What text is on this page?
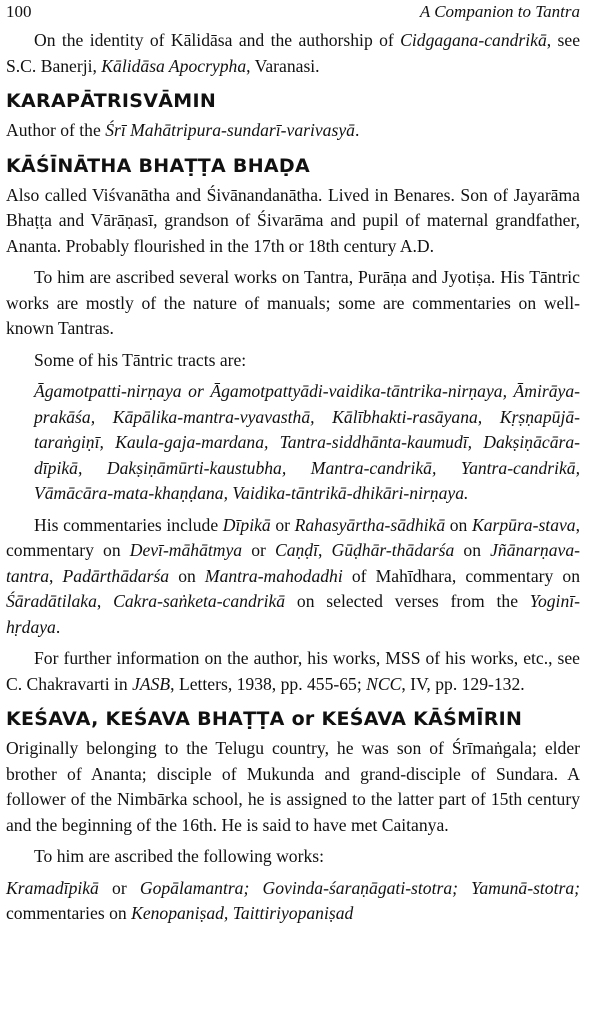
100	A Companion to Tantra

On the identity of Kālidāsa and the authorship of Cidgagana-candrikā, see S.C. Banerji, Kālidāsa Apocrypha, Varanasi.

KARAPĀTRISVĀMIN

Author of the Śrī Mahātripura-sundarī-varivasyā.

KĀŚĪNĀTHA BHAṬṬA BHAḌA

Also called Viśvanātha and Śivānandanātha. Lived in Benares. Son of Jayarāma Bhaṭṭa and Vārāṇasī, grandson of Śivarāma and pupil of maternal grandfather, Ananta. Probably flourished in the 17th or 18th century A.D.

To him are ascribed several works on Tantra, Purāṇa and Jyotiṣa. His Tāntric works are mostly of the nature of manuals; some are commentaries on well-known Tantras.

Some of his Tāntric tracts are:

Āgamotpatti-nirṇaya or Āgamotpattyādi-vaidika-tāntrika-nirṇaya, Āmirāya-prakāśa, Kāpālika-mantra-vyavasthā, Kālībhakti-rasāyana, Kṛṣṇapūjā-taraṅgiṇī, Kaula-gaja-mardana, Tantra-siddhānta-kaumudī, Dakṣiṇācāra-dīpikā, Dakṣiṇāmūrti-kaustubha, Mantra-candrikā, Yantra-candrikā, Vāmācāra-mata-khaṇḍana, Vaidika-tāntrikā-dhikāri-nirṇaya.

His commentaries include Dīpikā or Rahasyārtha-sādhikā on Karpūra-stava, commentary on Devī-māhātmya or Caṇḍī, Gūḍhār-thādarśa on Jñānarṇava-tantra, Padārthādarśa on Mantra-mahodadhi of Mahīdhara, commentary on Śāradātilaka, Cakra-saṅketa-candrikā on selected verses from the Yoginī-hṛdaya.

For further information on the author, his works, MSS of his works, etc., see C. Chakravarti in JASB, Letters, 1938, pp. 455-65; NCC, IV, pp. 129-132.

KEŚAVA, KEŚAVA BHAṬṬA or KEŚAVA KĀŚMĪRIN

Originally belonging to the Telugu country, he was son of Śrīmaṅgala; elder brother of Ananta; disciple of Mukunda and grand-disciple of Sundara. A follower of the Nimbārka school, he is assigned to the latter part of 15th century and the beginning of the 16th. He is said to have met Caitanya.

To him are ascribed the following works:

Kramadīpikā or Gopālamantra; Govinda-śaraṇāgati-stotra; Yamunā-stotra; commentaries on Kenopaniṣad, Taittiriyopaniṣad
